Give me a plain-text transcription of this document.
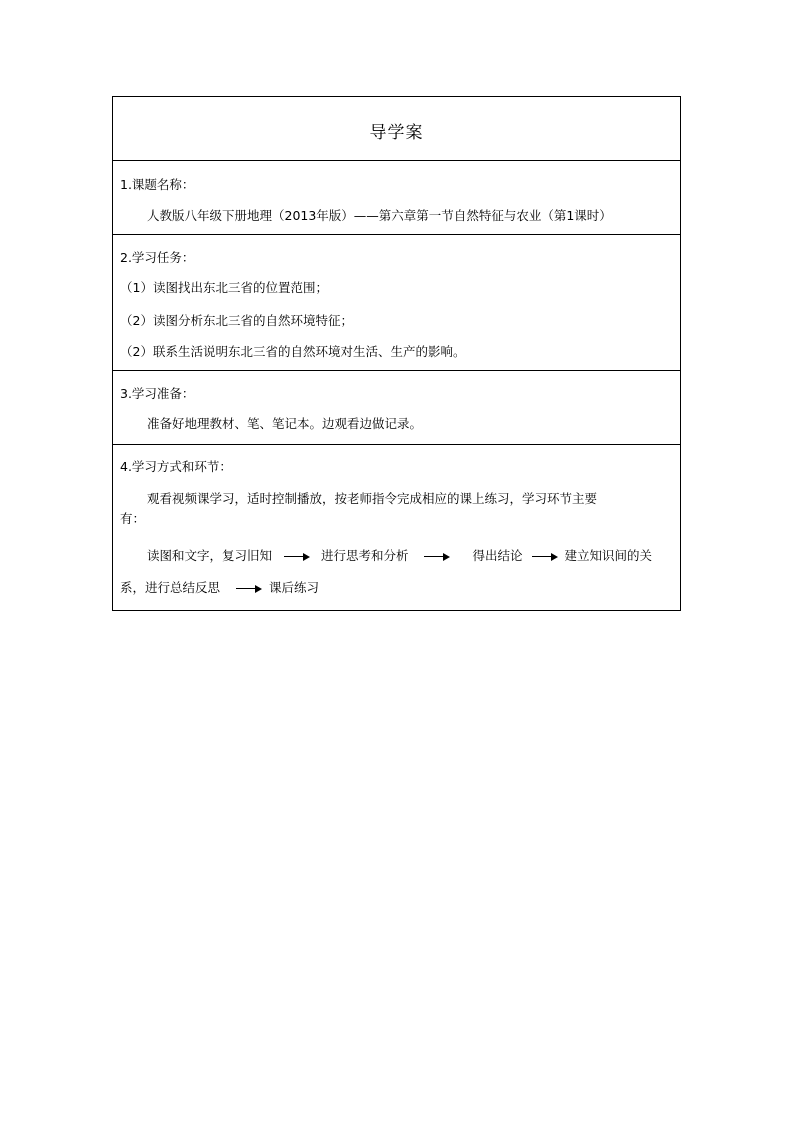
导学案
1.课题名称：
人教版八年级下册地理（2013年版）——第六章第一节自然特征与农业（第1课时）
2.学习任务：
（1）读图找出东北三省的位置范围；
（2）读图分析东北三省的自然环境特征；
（2）联系生活说明东北三省的自然环境对生活、生产的影响。
3.学习准备：
准备好地理教材、笔、笔记本。边观看边做记录。
4.学习方式和环节：
观看视频课学习，适时控制播放，按老师指令完成相应的课上练习，学习环节主要
有：
读图和文字，复习旧知	进行思考和分析	得出结论	建立知识间的关
系，进行总结反思	课后练习
